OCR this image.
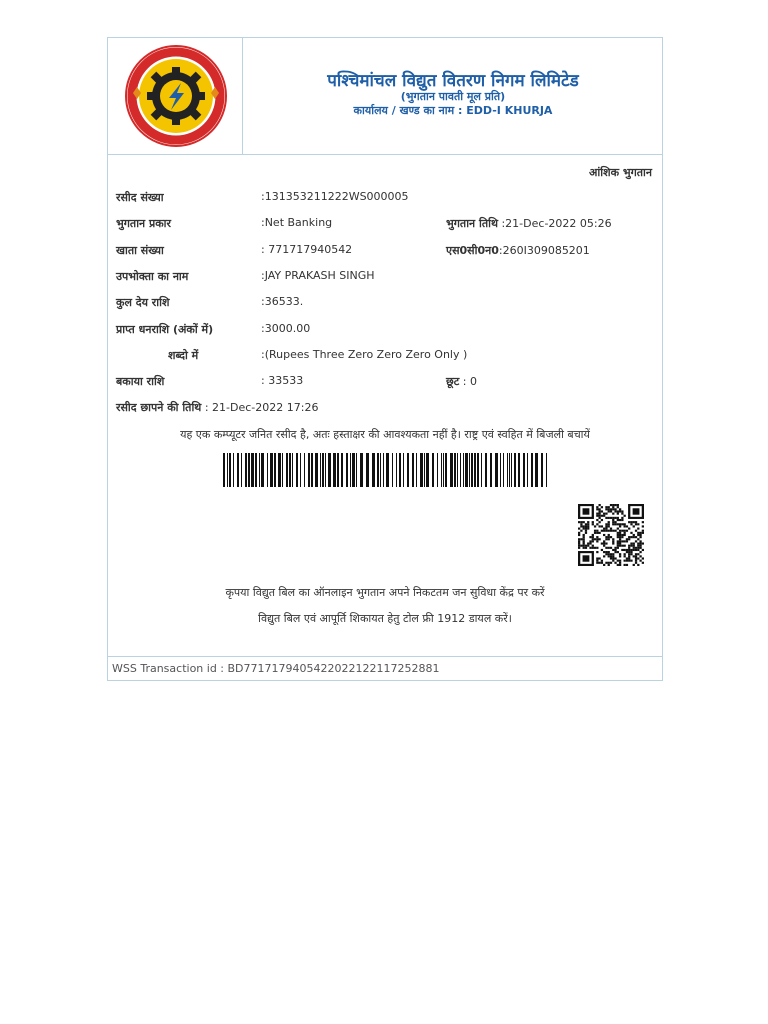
पश्चिमांचल विद्युत वितरण निगम लिमिटेड
(भुगतान पावती मूल प्रति)
कार्यालय / खण्ड का नाम : EDD-I KHURJA
आंशिक भुगतान
रसीद संख्या	:131353211222WS000005
भुगतान प्रकार	:Net Banking	भुगतान तिथि :21-Dec-2022 05:26
खाता संख्या	: 771717940542	एस0सी0न0:260I309085201
उपभोक्ता का नाम	:JAY PRAKASH SINGH
कुल देय राशि	:36533.
प्राप्त धनराशि (अंकों में)	:3000.00
शब्दो में	:(Rupees Three Zero Zero Zero Only )
बकाया राशि	: 33533	छूट : 0
रसीद छापने की तिथि : 21-Dec-2022 17:26
यह एक कम्प्यूटर जनित रसीद है, अतः हस्ताक्षर की आवश्यकता नहीं है। राष्ट्र एवं स्वहित में बिजली बचायें
कृपया विद्युत बिल का ऑनलाइन भुगतान अपने निकटतम जन सुविधा केंद्र पर करें
विद्युत बिल एवं आपूर्ति शिकायत हेतु टोल फ्री 1912 डायल करें।
WSS Transaction id : BD7717179405422022122117252881
